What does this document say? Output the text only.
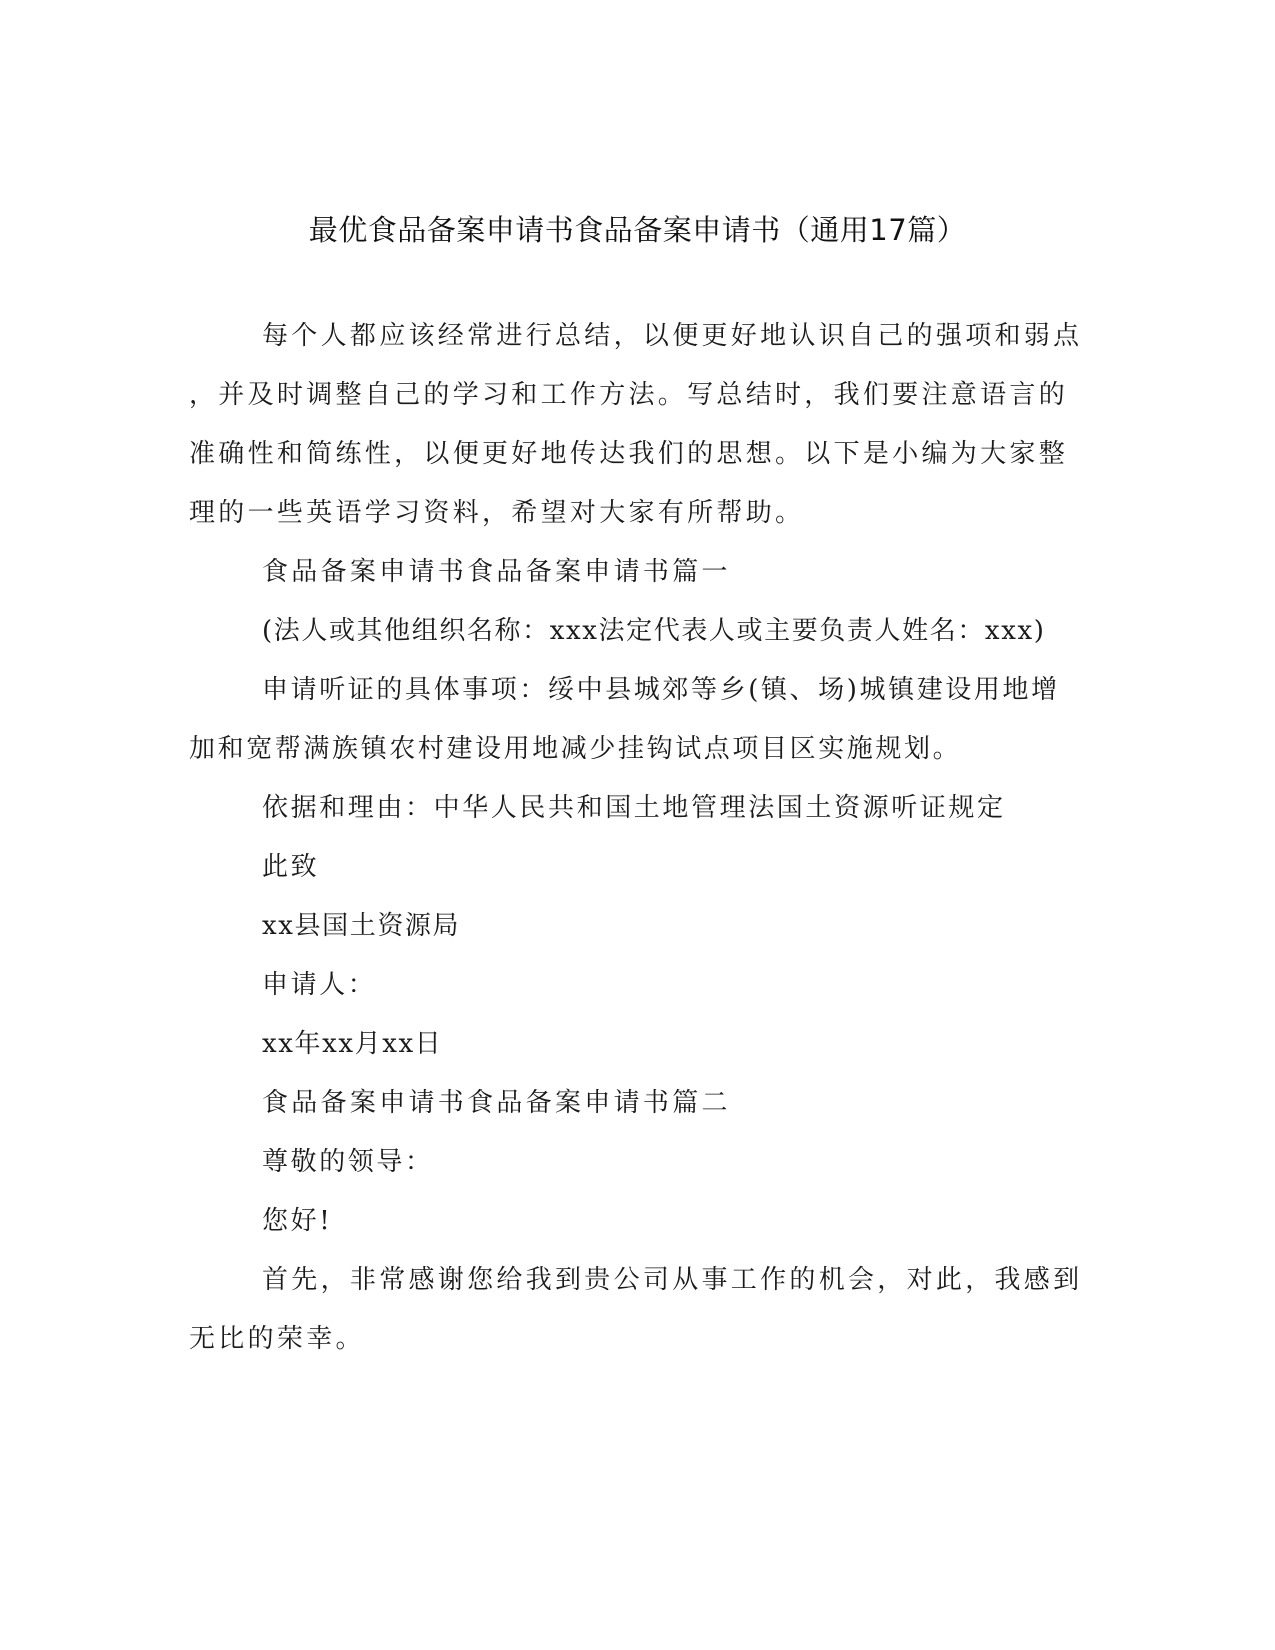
最优食品备案申请书食品备案申请书（通用17篇）
每个人都应该经常进行总结，以便更好地认识自己的强项和弱点
，并及时调整自己的学习和工作方法。写总结时，我们要注意语言的
准确性和简练性，以便更好地传达我们的思想。以下是小编为大家整
理的一些英语学习资料，希望对大家有所帮助。
食品备案申请书食品备案申请书篇一
(法人或其他组织名称：xxx法定代表人或主要负责人姓名：xxx)
申请听证的具体事项：绥中县城郊等乡(镇、场)城镇建设用地增
加和宽帮满族镇农村建设用地减少挂钩试点项目区实施规划。
依据和理由：中华人民共和国土地管理法国土资源听证规定
此致
xx县国土资源局
申请人：
xx年xx月xx日
食品备案申请书食品备案申请书篇二
尊敬的领导：
您好!
首先，非常感谢您给我到贵公司从事工作的机会，对此，我感到
无比的荣幸。
